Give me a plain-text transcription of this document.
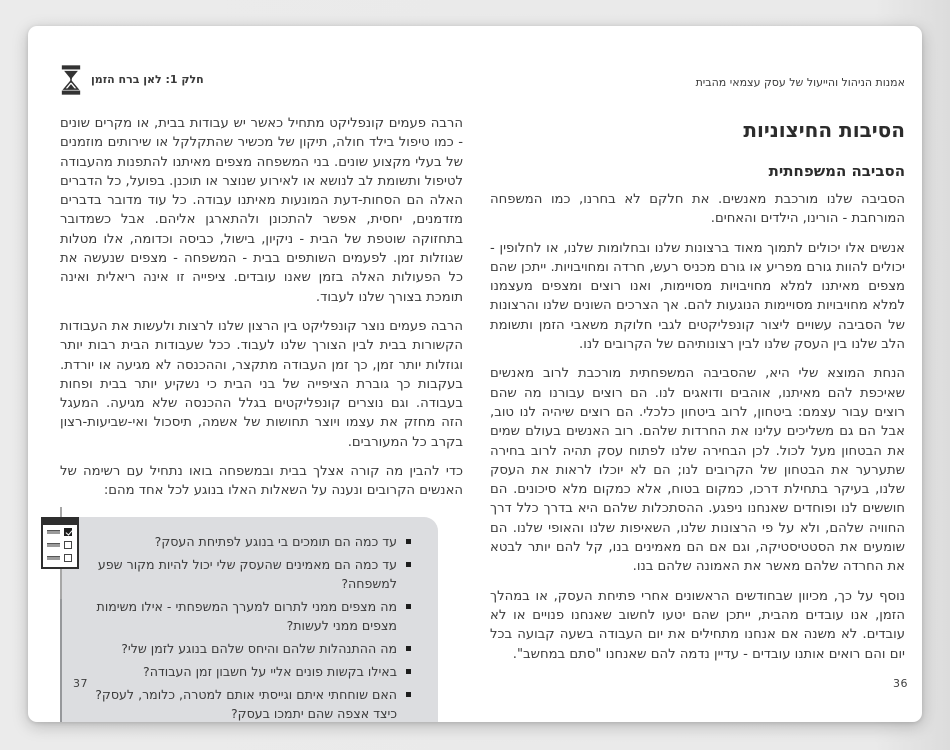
חלק 1: לאן ברח הזמן

הרבה פעמים קונפליקט מתחיל כאשר יש עבודות בבית, או מקרים שונים - כמו טיפול בילד חולה, תיקון של מכשיר שהתקלקל או שירותים מוזמנים של בעלי מקצוע שונים. בני המשפחה מצפים מאיתנו להתפנות מהעבודה לטיפול ותשומת לב לנושא או לאירוע שנוצר או תוכנן. בפועל, כל הדברים האלה הם הסחות-דעת המונעות מאיתנו עבודה. כל עוד מדובר בדברים מזדמנים, יחסית, אפשר להתכונן ולהתארגן אליהם. אבל כשמדובר בתחזוקה שוטפת של הבית - ניקיון, בישול, כביסה וכדומה, אלו מטלות שגוזלות זמן. לפעמים השותפים בבית - המשפחה - מצפים שנעשה את כל הפעולות האלה בזמן שאנו עובדים. ציפייה זו אינה ריאלית ואינה תומכת בצורך שלנו לעבוד.

הרבה פעמים נוצר קונפליקט בין הרצון שלנו לרצות ולעשות את העבודות הקשורות בבית לבין הצורך שלנו לעבוד. ככל שעבודות הבית רבות יותר וגוזלות יותר זמן, כך זמן העבודה מתקצר, וההכנסה לא מגיעה או יורדת. בעקבות כך גוברת הציפייה של בני הבית כי נשקיע יותר בבית ופחות בעבודה. וגם נוצרים קונפליקטים בגלל ההכנסה שלא מגיעה. המעגל הזה מחזק את עצמו ויוצר תחושות של אשמה, תיסכול ואי-שביעות-רצון בקרב כל המעורבים.

כדי להבין מה קורה אצלך בבית ובמשפחה בואו נתחיל עם רשימה של האנשים הקרובים ונענה על השאלות האלו בנוגע לכל אחד מהם:

עד כמה הם תומכים בי בנוגע לפתיחת העסק?
עד כמה הם מאמינים שהעסק שלי יכול להיות מקור שפע למשפחה?
מה מצפים ממני לתרום למערך המשפחתי - אילו משימות מצפים ממני לעשות?
מה ההתנהלות שלהם והיחס שלהם בנוגע לזמן שלי?
באילו בקשות פונים אליי על חשבון זמן העבודה?
האם שוחחתי איתם וגייסתי אותם למטרה, כלומר, לעסק? כיצד אצפה שהם יתמכו בעסק?
אמנות הניהול והייעול של עסק עצמאי מהבית
הסיבות החיצוניות
הסביבה המשפחתית

הסביבה שלנו מורכבת מאנשים. את חלקם לא בחרנו, כמו המשפחה המורחבת - הורינו, הילדים והאחים.

אנשים אלו יכולים לתמוך מאוד ברצונות שלנו ובחלומות שלנו, או לחלופין - יכולים להוות גורם מפריע או גורם מכניס רעש, חרדה ומחויבויות. ייתכן שהם מצפים מאיתנו למלא מחויבויות מסויימות, ואנו רוצים ומצפים מעצמנו למלא מחויבויות מסויימות הנוגעות להם. אך הצרכים השונים שלנו והרצונות של הסביבה עשויים ליצור קונפליקטים לגבי חלוקת משאבי הזמן ותשומת הלב שלנו בין העסק שלנו לבין רצונותיהם של הקרובים לנו.

הנחת המוצא שלי היא, שהסביבה המשפחתית מורכבת לרוב מאנשים שאיכפת להם מאיתנו, אוהבים ודואגים לנו. הם רוצים עבורנו מה שהם רוצים עבור עצמם: ביטחון, לרוב ביטחון כלכלי. הם רוצים שיהיה לנו טוב, אבל הם גם משליכים עלינו את החרדות שלהם. רוב האנשים בעולם שמים את הבטחון מעל לכול. לכן הבחירה שלנו לפתוח עסק תהיה לרוב בחירה שתערער את הבטחון של הקרובים לנו; הם לא יוכלו לראות את העסק שלנו, בעיקר בתחילת דרכו, כמקום בטוח, אלא כמקום מלא סיכונים. הם חוששים לנו ופוחדים שאנחנו ניפגע. ההסתכלות שלהם היא בדרך כלל דרך החוויה שלהם, ולא על פי הרצונות שלנו, השאיפות שלנו והאופי שלנו. הם שומעים את הסטטיסטיקה, וגם אם הם מאמינים בנו, קל להם יותר לבטא את החרדה שלהם מאשר את האמונה שלהם בנו.

נוסף על כך, מכיוון שבחודשים הראשונים אחרי פתיחת העסק, או במהלך הזמן, אנו עובדים מהבית, ייתכן שהם יטעו לחשוב שאנחנו פנויים או לא עובדים. לא משנה אם אנחנו מתחילים את יום העבודה בשעה קבועה בכל יום והם רואים אותנו עובדים - עדיין נדמה להם שאנחנו "סתם במחשב".

37	36
